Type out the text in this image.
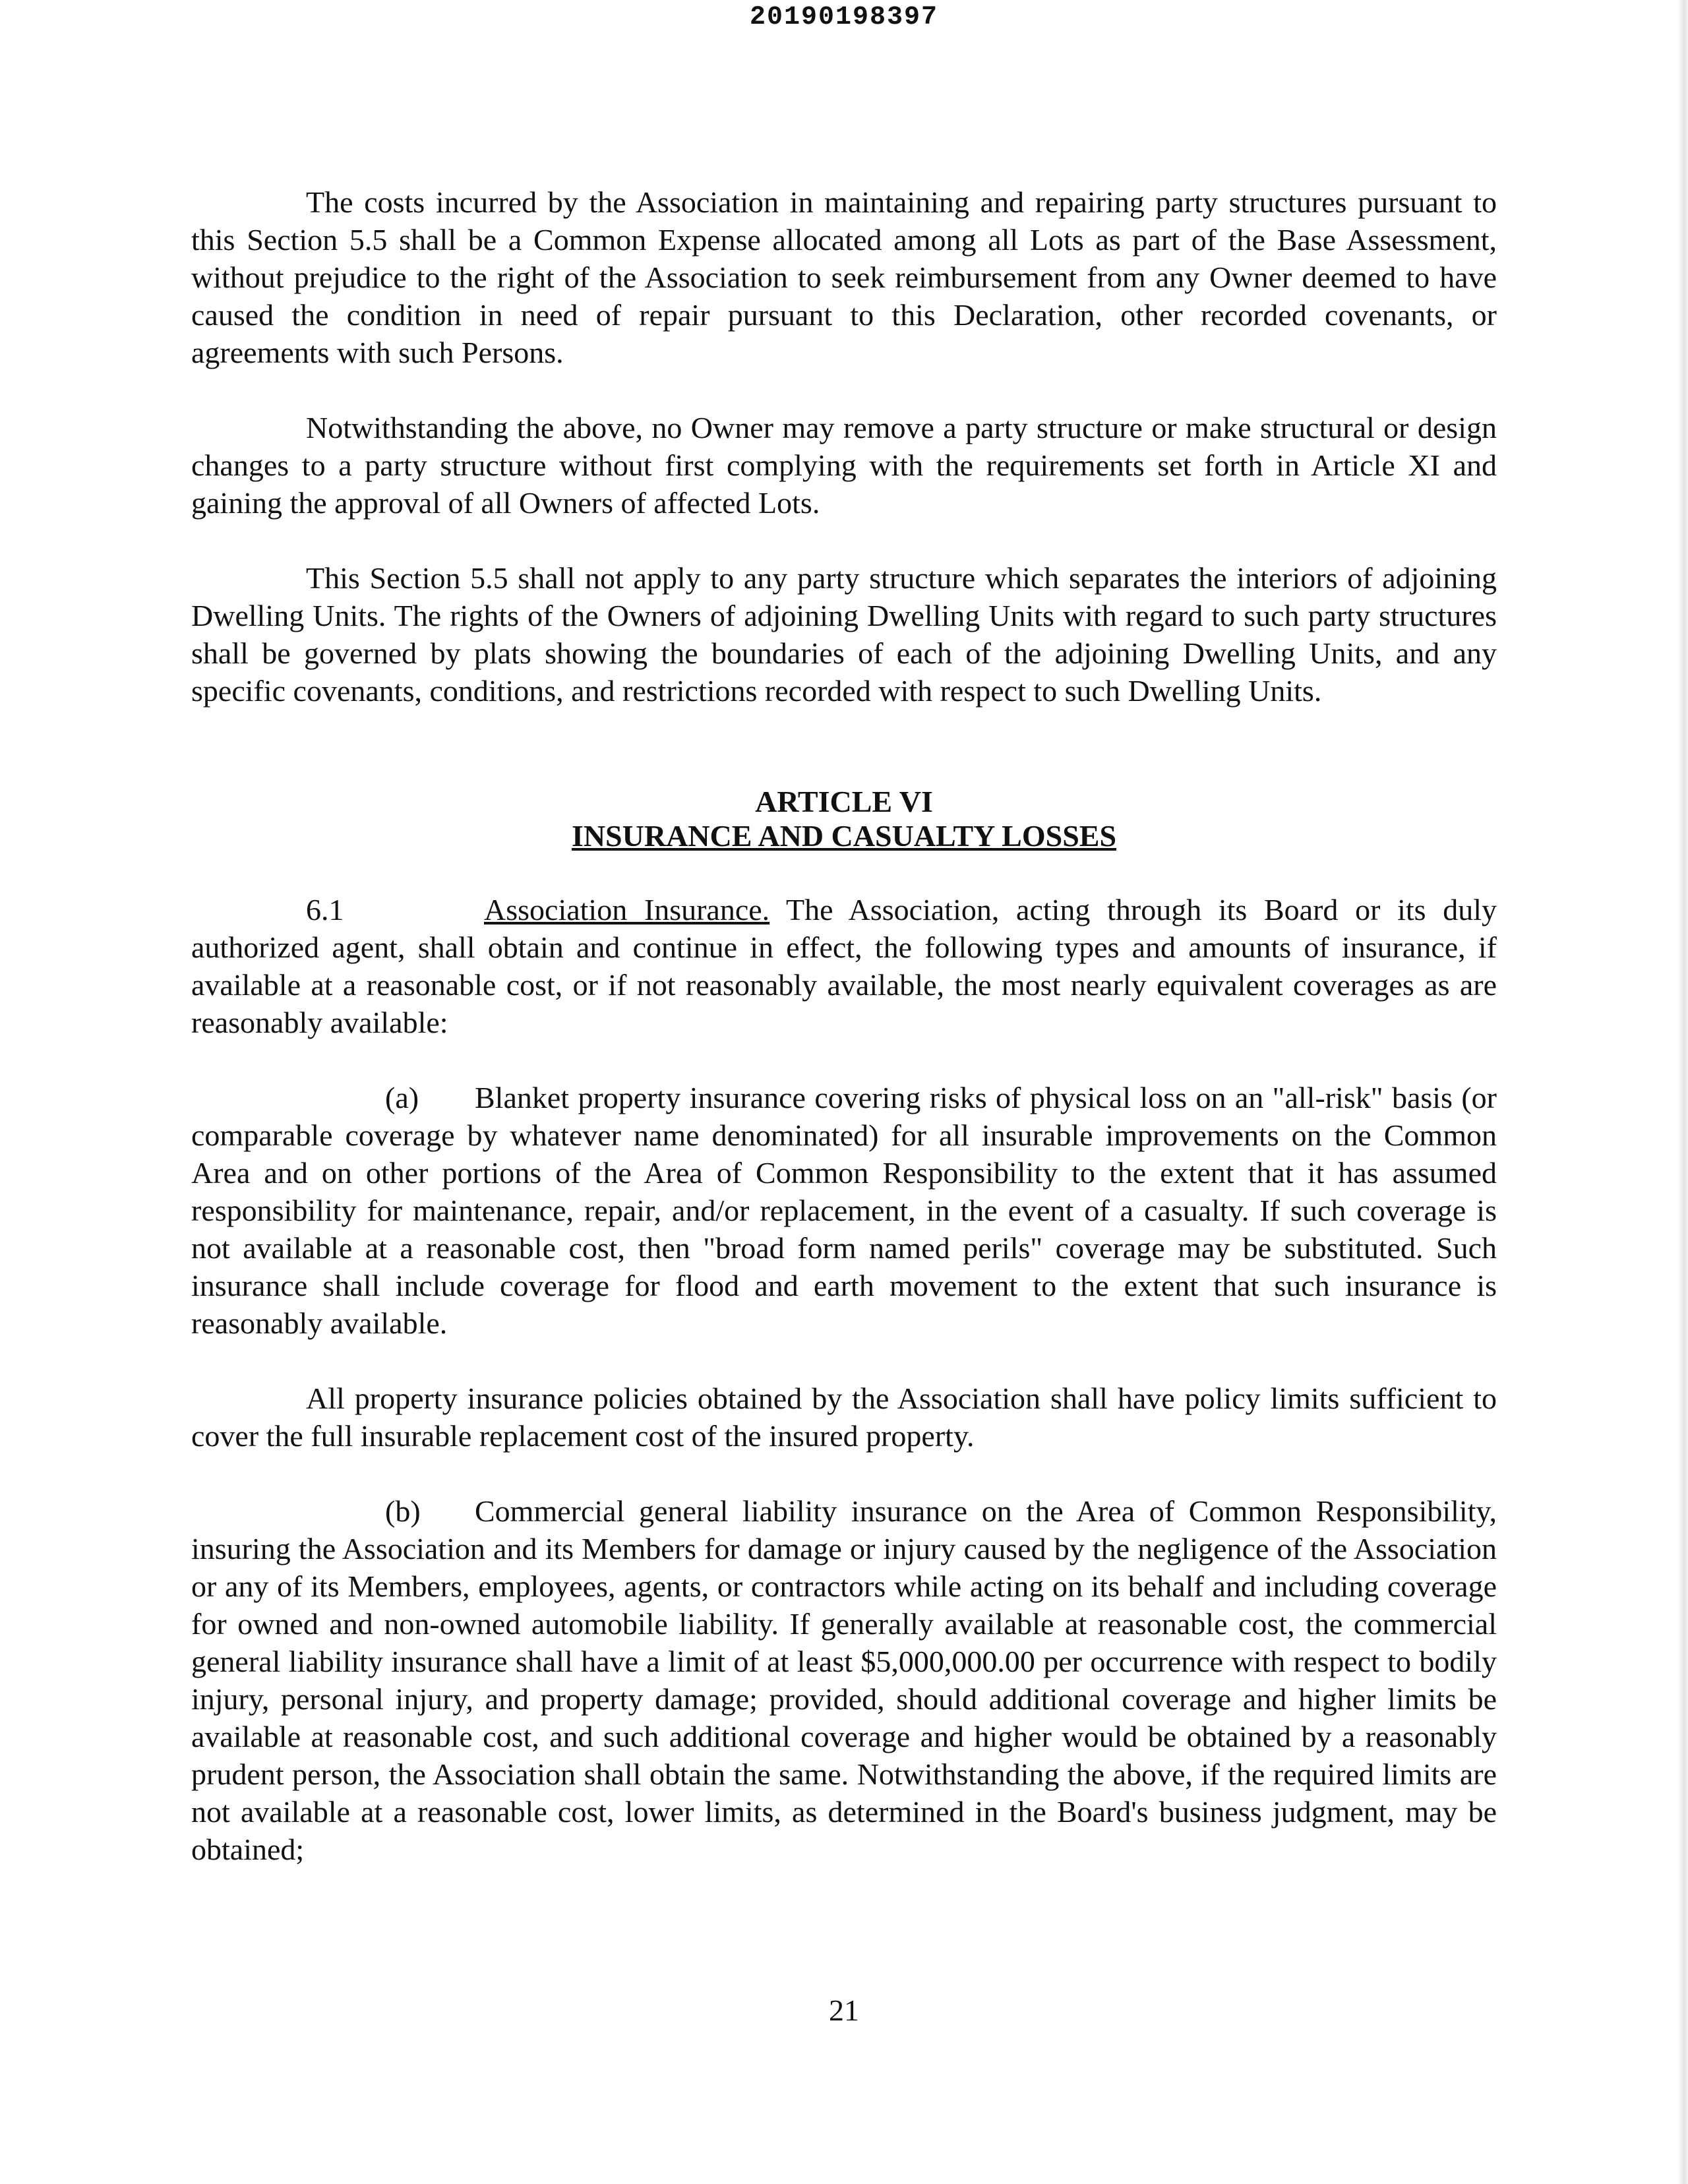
20190198397

The costs incurred by the Association in maintaining and repairing party structures pursuant to this Section 5.5 shall be a Common Expense allocated among all Lots as part of the Base Assessment, without prejudice to the right of the Association to seek reimbursement from any Owner deemed to have caused the condition in need of repair pursuant to this Declaration, other recorded covenants, or agreements with such Persons.

Notwithstanding the above, no Owner may remove a party structure or make structural or design changes to a party structure without first complying with the requirements set forth in Article XI and gaining the approval of all Owners of affected Lots.

This Section 5.5 shall not apply to any party structure which separates the interiors of adjoining Dwelling Units. The rights of the Owners of adjoining Dwelling Units with regard to such party structures shall be governed by plats showing the boundaries of each of the adjoining Dwelling Units, and any specific covenants, conditions, and restrictions recorded with respect to such Dwelling Units.

ARTICLE VI
INSURANCE AND CASUALTY LOSSES

6.1	Association Insurance. The Association, acting through its Board or its duly authorized agent, shall obtain and continue in effect, the following types and amounts of insurance, if available at a reasonable cost, or if not reasonably available, the most nearly equivalent coverages as are reasonably available:

(a) Blanket property insurance covering risks of physical loss on an "all-risk" basis (or comparable coverage by whatever name denominated) for all insurable improvements on the Common Area and on other portions of the Area of Common Responsibility to the extent that it has assumed responsibility for maintenance, repair, and/or replacement, in the event of a casualty. If such coverage is not available at a reasonable cost, then "broad form named perils" coverage may be substituted. Such insurance shall include coverage for flood and earth movement to the extent that such insurance is reasonably available.

All property insurance policies obtained by the Association shall have policy limits sufficient to cover the full insurable replacement cost of the insured property.

(b) Commercial general liability insurance on the Area of Common Responsibility, insuring the Association and its Members for damage or injury caused by the negligence of the Association or any of its Members, employees, agents, or contractors while acting on its behalf and including coverage for owned and non-owned automobile liability. If generally available at reasonable cost, the commercial general liability insurance shall have a limit of at least $5,000,000.00 per occurrence with respect to bodily injury, personal injury, and property damage; provided, should additional coverage and higher limits be available at reasonable cost, and such additional coverage and higher would be obtained by a reasonably prudent person, the Association shall obtain the same. Notwithstanding the above, if the required limits are not available at a reasonable cost, lower limits, as determined in the Board's business judgment, may be obtained;

21
